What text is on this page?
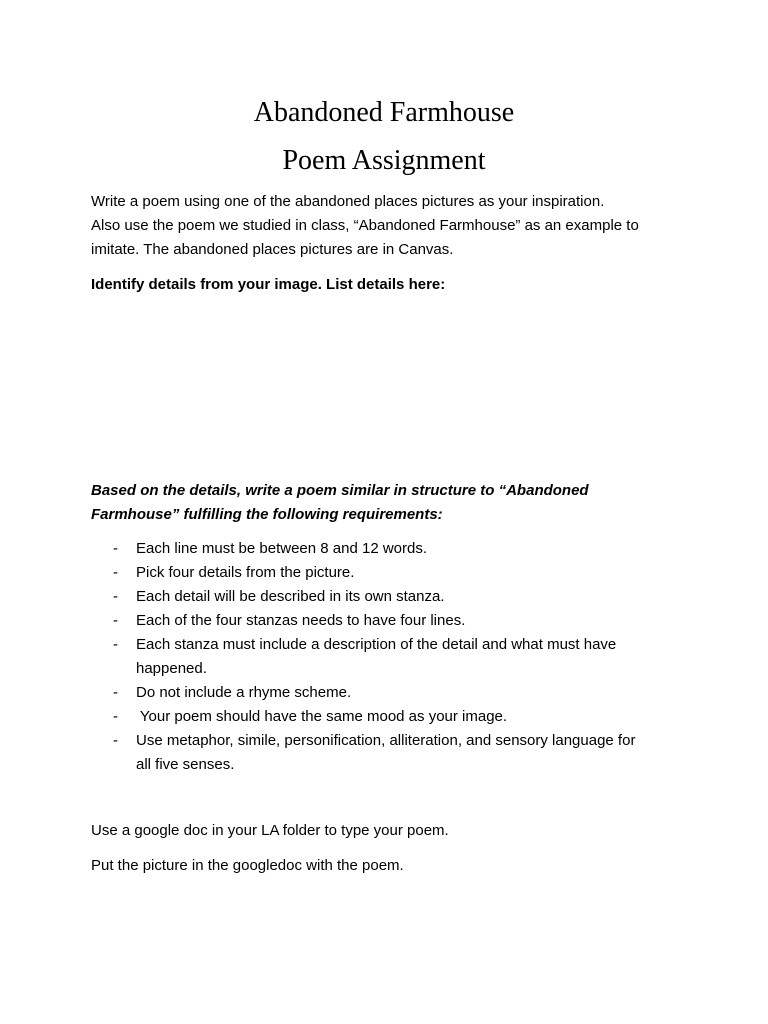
Abandoned Farmhouse
Poem Assignment
Write a poem using one of the abandoned places pictures as your inspiration.
Also use the poem we studied in class, “Abandoned Farmhouse” as an example to
imitate. The abandoned places pictures are in Canvas.
Identify details from your image. List details here:
Based on the details, write a poem similar in structure to “Abandoned
Farmhouse” fulfilling the following requirements:
- Each line must be between 8 and 12 words.
- Pick four details from the picture.
- Each detail will be described in its own stanza.
- Each of the four stanzas needs to have four lines.
- Each stanza must include a description of the detail and what must have
happened.
- Do not include a rhyme scheme.
- Your poem should have the same mood as your image.
- Use metaphor, simile, personification, alliteration, and sensory language for
all five senses.
Use a google doc in your LA folder to type your poem.
Put the picture in the googledoc with the poem.
